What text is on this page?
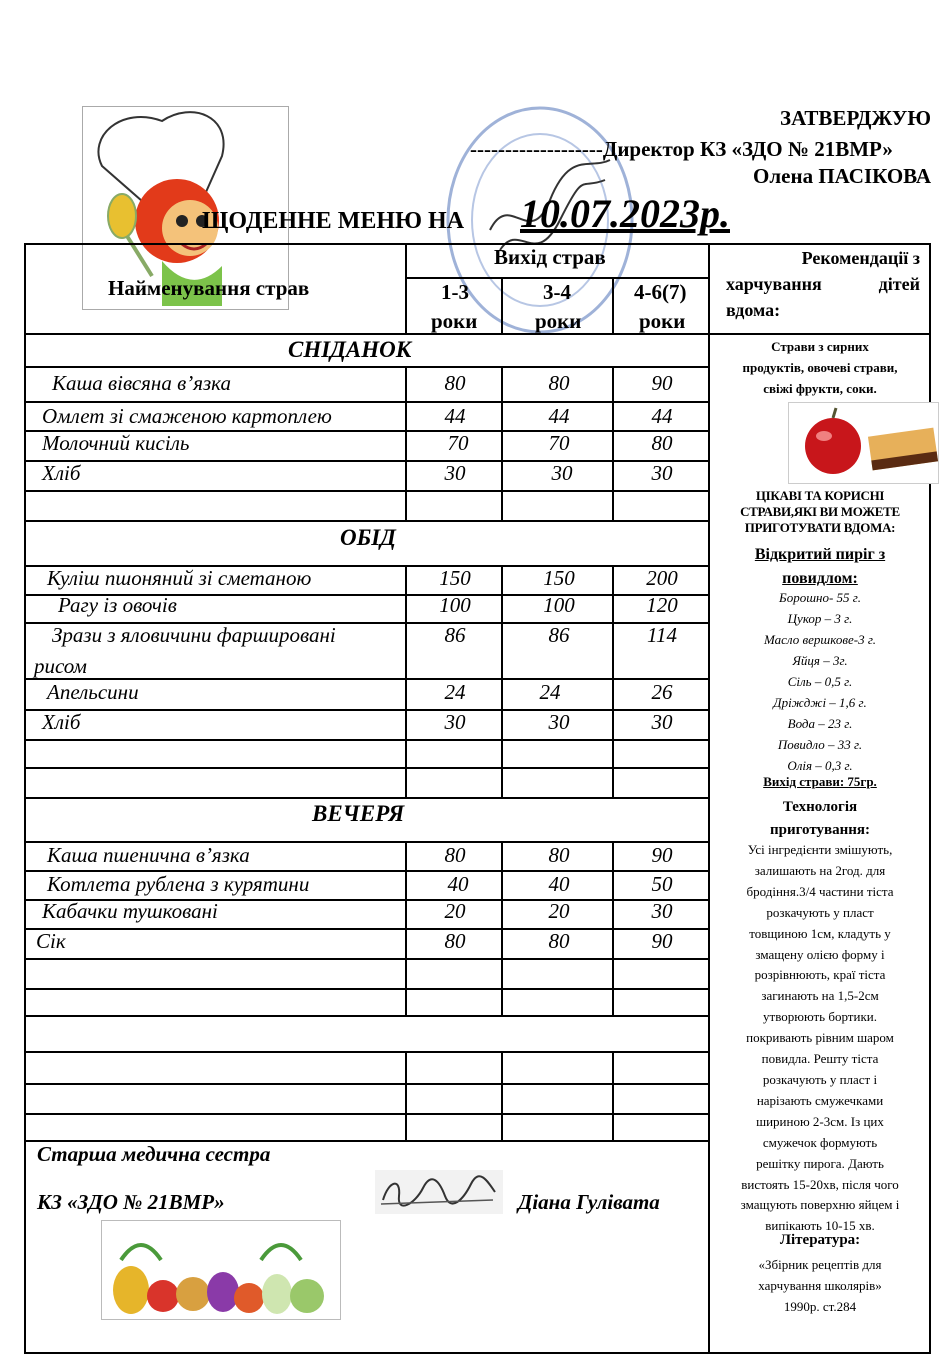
ЗАТВЕРДЖУЮ
-------------------Директор КЗ «ЗДО № 21ВМР»
Олена ПАСІКОВА
ЩОДЕННЕ МЕНЮ НА 10.07.2023р.
Найменування страв
Вихід страв
1-3	3-4	4-6(7)
роки	роки	роки
Рекомендації з
харчування дітей
вдома:
СНІДАНОК
ОБІД
ВЕЧЕРЯ
Каша вівсяна в’язка	80	80	90
Омлет зі смаженою картоплею	44	44	44
Молочний кисіль	70	70	80
Хліб	30	30	30
Куліш пшоняний зі сметаною	150	150	200
Рагу із овочів	100	100	120
Зрази з яловичини фаршировані
рисом
86	86	114
Апельсини	24	24	26
Хліб	30	30	30
Каша пшенична в’язка	80	80	90
Котлета рублена з курятини	40	40	50
Кабачки тушковані	20	20	30
Сік	80	80	90
Старша медична сестра
КЗ «ЗДО № 21ВМР»	Діана Гулівата
Страви з сирних
продуктів, овочеві страви,
свіжі фрукти, соки.
ЦІКАВІ ТА КОРИСНІ
СТРАВИ,ЯКІ ВИ МОЖЕТЕ
ПРИГОТУВАТИ ВДОМА:
Відкритий пиріг з
повидлом:
Борошно- 55 г.
Цукор – 3 г.
Масло вершкове-3 г.
Яйця – 3г.
Сіль – 0,5 г.
Дріжджі – 1,6 г.
Вода – 23 г.
Повидло – 33 г.
Олія – 0,3 г.
Вихід страви: 75гр.
Технологія
приготування:
Усі інгредієнти змішують,
залишають на 2год. для
бродіння.3/4 частини тіста
розкачують у пласт
товщиною 1см, кладуть у
змащену олією форму і
розрівнюють, краї тіста
загинають на 1,5-2см
утворюють бортики.
покривають рівним шаром
повидла. Решту тіста
розкачують у пласт і
нарізають смужечками
шириною 2-3см. Із цих
смужечок формують
решітку пирога. Дають
вистоять 15-20хв, після чого
змащують поверхню яйцем і
випікають 10-15 хв.
Література:
«Збірник рецептів для
харчування школярів»
1990р. ст.284
